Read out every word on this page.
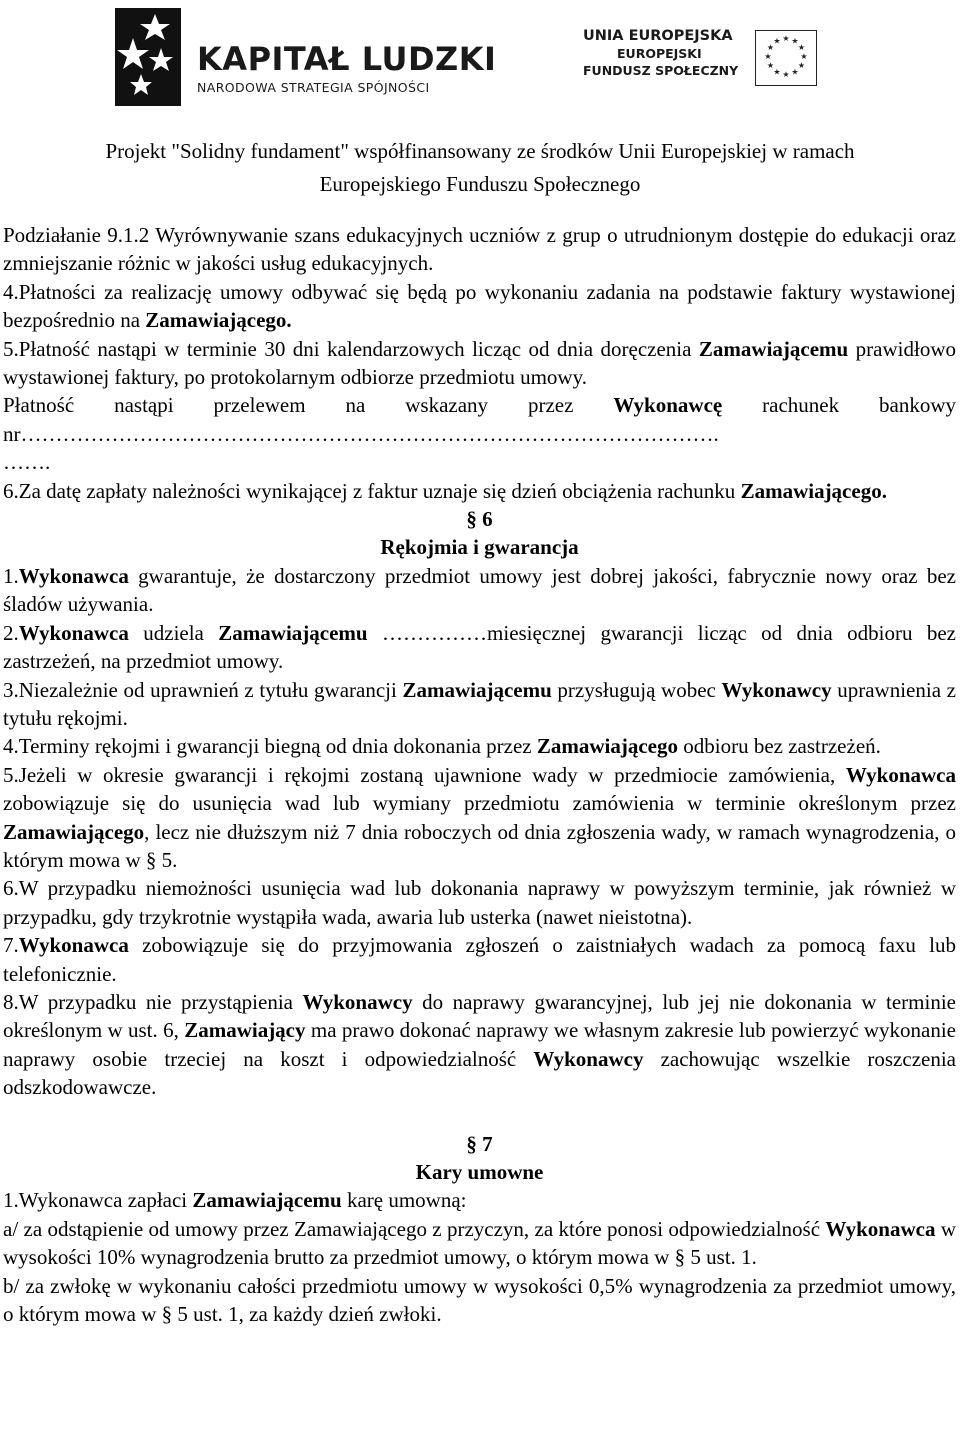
KAPITAŁ LUDZKI
NARODOWA STRATEGIA SPÓJNOŚCI
UNIA EUROPEJSKA
EUROPEJSKI
FUNDUSZ SPOŁECZNY
★ ★
★
★
★
★
★
★
★
★
★
★
Projekt "Solidny fundament" współfinansowany ze środków Unii Europejskiej w ramach
Europejskiego Funduszu Społecznego

Podziałanie 9.1.2 Wyrównywanie szans edukacyjnych uczniów z grup o utrudnionym dostępie do edukacji oraz zmniejszanie różnic w jakości usług edukacyjnych.

4.Płatności za realizację umowy odbywać się będą po wykonaniu zadania na podstawie faktury wystawionej bezpośrednio na Zamawiającego.

5.Płatność nastąpi w terminie 30 dni kalendarzowych licząc od dnia doręczenia Zamawiającemu prawidłowo wystawionej faktury, po protokolarnym odbiorze przedmiotu umowy.

Płatność nastąpi przelewem na wskazany przez Wykonawcę rachunek bankowy nr……………………………………………………………………………………….

…….

6.Za datę zapłaty należności wynikającej z faktur uznaje się dzień obciążenia rachunku Zamawiającego.

§ 6
Rękojmia i gwarancja

1.Wykonawca gwarantuje, że dostarczony przedmiot umowy jest dobrej jakości, fabrycznie nowy oraz bez śladów używania.

2.Wykonawca udziela Zamawiającemu ……………miesięcznej gwarancji licząc od dnia odbioru bez zastrzeżeń, na przedmiot umowy.

3.Niezależnie od uprawnień z tytułu gwarancji Zamawiającemu przysługują wobec Wykonawcy uprawnienia z tytułu rękojmi.

4.Terminy rękojmi i gwarancji biegną od dnia dokonania przez Zamawiającego odbioru bez zastrzeżeń.

5.Jeżeli w okresie gwarancji i rękojmi zostaną ujawnione wady w przedmiocie zamówienia, Wykonawca zobowiązuje się do usunięcia wad lub wymiany przedmiotu zamówienia w terminie określonym przez Zamawiającego, lecz nie dłuższym niż 7 dnia roboczych od dnia zgłoszenia wady, w ramach wynagrodzenia, o którym mowa w § 5.

6.W przypadku niemożności usunięcia wad lub dokonania naprawy w powyższym terminie, jak również w przypadku, gdy trzykrotnie wystąpiła wada, awaria lub usterka (nawet nieistotna).

7.Wykonawca zobowiązuje się do przyjmowania zgłoszeń o zaistniałych wadach za pomocą faxu lub telefonicznie.

8.W przypadku nie przystąpienia Wykonawcy do naprawy gwarancyjnej, lub jej nie dokonania w terminie określonym w ust. 6, Zamawiający ma prawo dokonać naprawy we własnym zakresie lub powierzyć wykonanie naprawy osobie trzeciej na koszt i odpowiedzialność Wykonawcy zachowując wszelkie roszczenia odszkodowawcze.

§ 7
Kary umowne

1.Wykonawca zapłaci Zamawiającemu karę umowną:

a/ za odstąpienie od umowy przez Zamawiającego z przyczyn, za które ponosi odpowiedzialność Wykonawca w wysokości 10% wynagrodzenia brutto za przedmiot umowy, o którym mowa w § 5 ust. 1.

b/ za zwłokę w wykonaniu całości przedmiotu umowy w wysokości 0,5% wynagrodzenia za przedmiot umowy, o którym mowa w § 5 ust. 1, za każdy dzień zwłoki.
